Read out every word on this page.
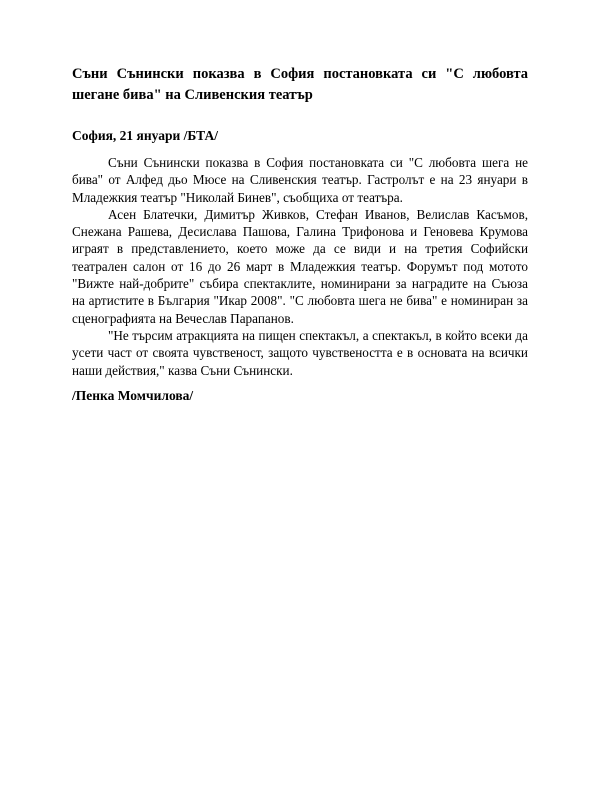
Съни Сънински показва в София постановката си "С любовта шегане бива" на Сливенския театър
София, 21 януари /БТА/

Съни Сънински показва в София постановката си "С любовта шега не бива" от Алфед дьо Мюсе на Сливенския театър. Гастролът е на 23 януари в Младежкия театър "Николай Бинев", съобщиха от театъра.

Асен Блатечки, Димитър Живков, Стефан Иванов, Велислав Касъмов, Снежана Рашева, Десислава Пашова, Галина Трифонова и Геновева Крумова играят в представлението, което може да се види и на третия Софийски театрален салон от 16 до 26 март в Младежкия театър. Форумът под мотото "Вижте най-добрите" събира спектаклите, номинирани за наградите на Съюза на артистите в България "Икар 2008". "С любовта шега не бива" е номиниран за сценографията на Вечеслав Парапанов.

"Не търсим атракцията на пищен спектакъл, а спектакъл, в който всеки да усети част от своята чувственост, защото чувствеността е в основата на всички наши действия," казва Съни Сънински.

/Пенка Момчилова/
